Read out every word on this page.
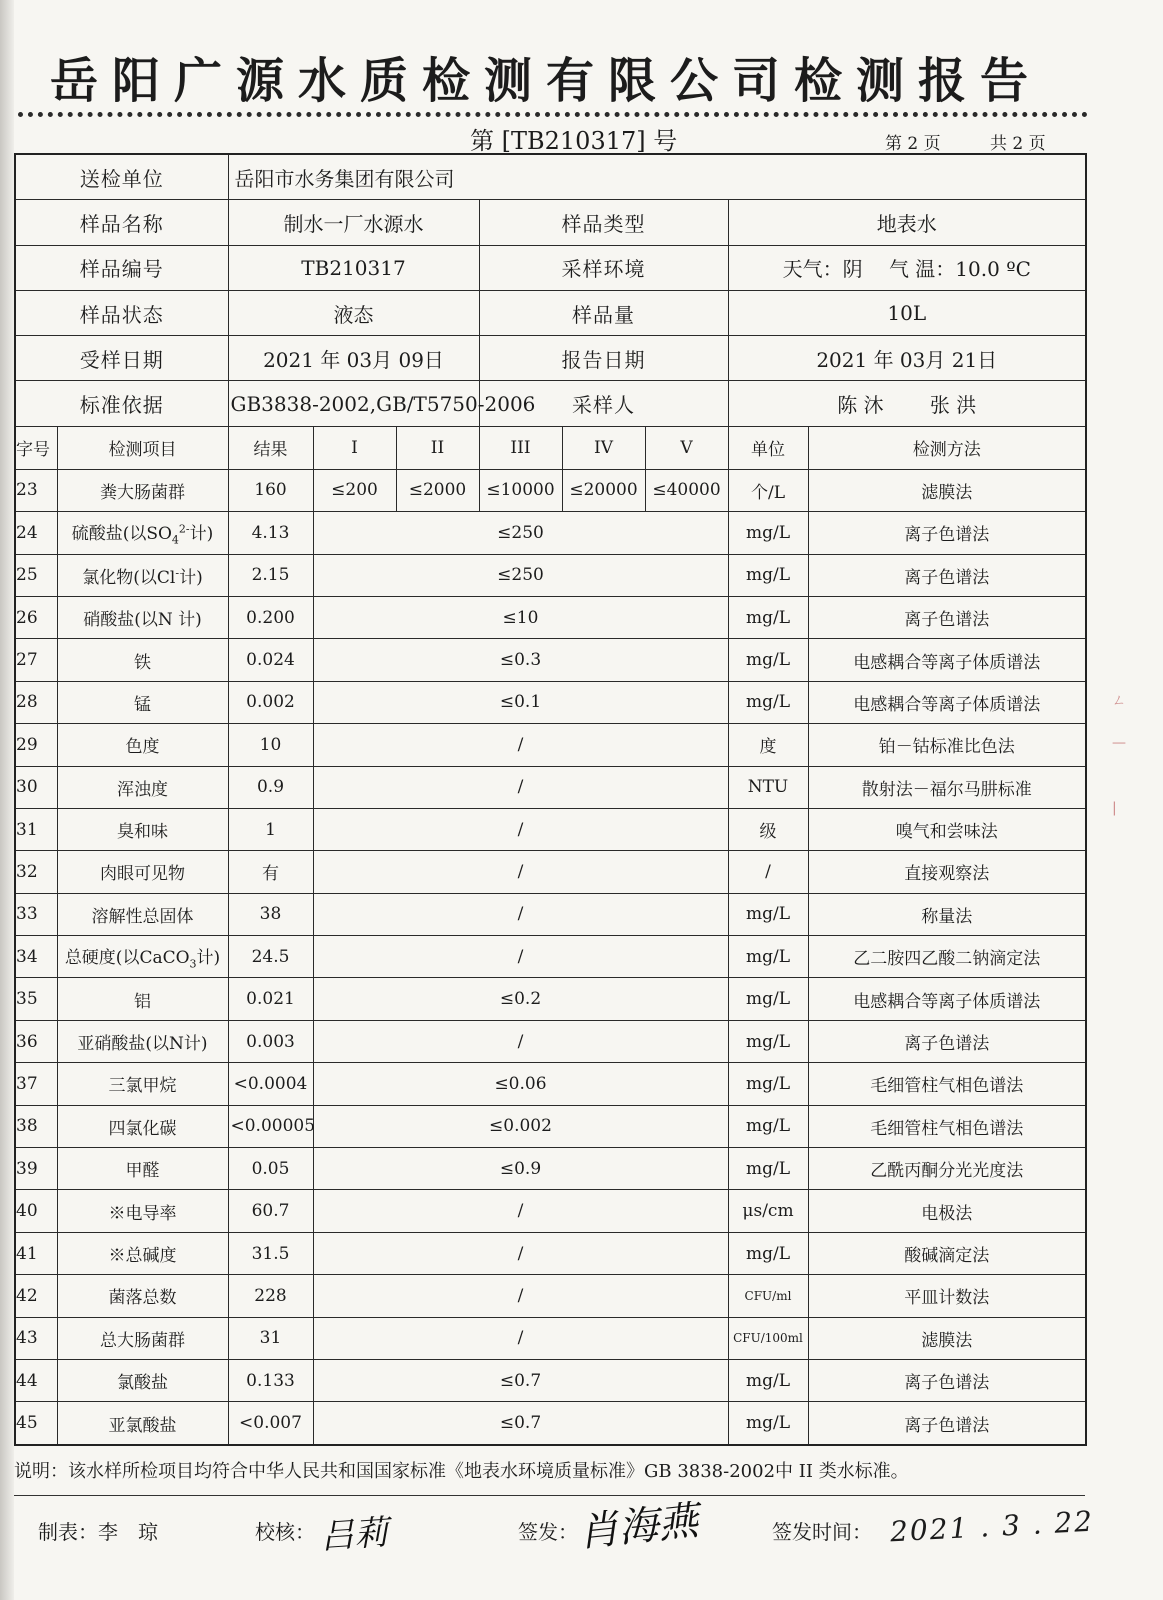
岳阳广源水质检测有限公司检测报告
第 [TB210317] 号	第 2 页	共 2 页
送检单位		岳阳市水务集团有限公司							
样品名称		制水一厂水源水			样品类型			地表水	
样品编号		TB210317			采样环境			天气：阴　 气 温：10.0 ºC	
样品状态		液态			样品量			10L	
受样日期		2021 年 03月 09日			报告日期			2021 年 03月 21日	
标准依据		GB3838-2002,GB/T5750-2006			采样人			陈 沐　　 张 洪	
字号	检测项目	结果	I	II	III	IV	V	单位	检测方法
23	粪大肠菌群	160	≤200	≤2000	≤10000	≤20000	≤40000	个/L	滤膜法
24	硫酸盐(以$SO_4^{2-}$计)	4.13	≤250					mg/L	离子色谱法
25	氯化物(以Cl-计)	2.15	≤250					mg/L	离子色谱法
26	硝酸盐(以N 计)	0.200	≤10					mg/L	离子色谱法
27	铁	0.024	≤0.3					mg/L	电感耦合等离子体质谱法
28	锰	0.002	≤0.1					mg/L	电感耦合等离子体质谱法
29	色度	10	/					度	铂－钴标准比色法
30	浑浊度	0.9	/					NTU	散射法－福尔马肼标准
31	臭和味	1	/					级	嗅气和尝味法
32	肉眼可见物	有	/					/	直接观察法
33	溶解性总固体	38	/					mg/L	称量法
34	总硬度(以CaCO$_3$计)	24.5	/					mg/L	乙二胺四乙酸二钠滴定法
35	铝	0.021	≤0.2					mg/L	电感耦合等离子体质谱法
36	亚硝酸盐(以N计)	0.003	/					mg/L	离子色谱法
37	三氯甲烷	<0.0004	≤0.06					mg/L	毛细管柱气相色谱法
38	四氯化碳	<0.00005	≤0.002					mg/L	毛细管柱气相色谱法
39	甲醛	0.05	≤0.9					mg/L	乙酰丙酮分光光度法
40	※电导率	60.7	/					μs/cm	电极法
41	※总碱度	31.5	/					mg/L	酸碱滴定法
42	菌落总数	228	/					CFU/ml	平皿计数法
43	总大肠菌群	31	/					CFU/100ml	滤膜法
44	氯酸盐	0.133	≤0.7					mg/L	离子色谱法
45	亚氯酸盐	<0.007	≤0.7					mg/L	离子色谱法
说明：该水样所检项目均符合中华人民共和国国家标准《地表水环境质量标准》GB 3838-2002中 II 类水标准。
制表：李　琼	校核： 吕莉	签发：
肖海燕	签发时间： 2021 . 3 . 22
ㄥ
—
|
